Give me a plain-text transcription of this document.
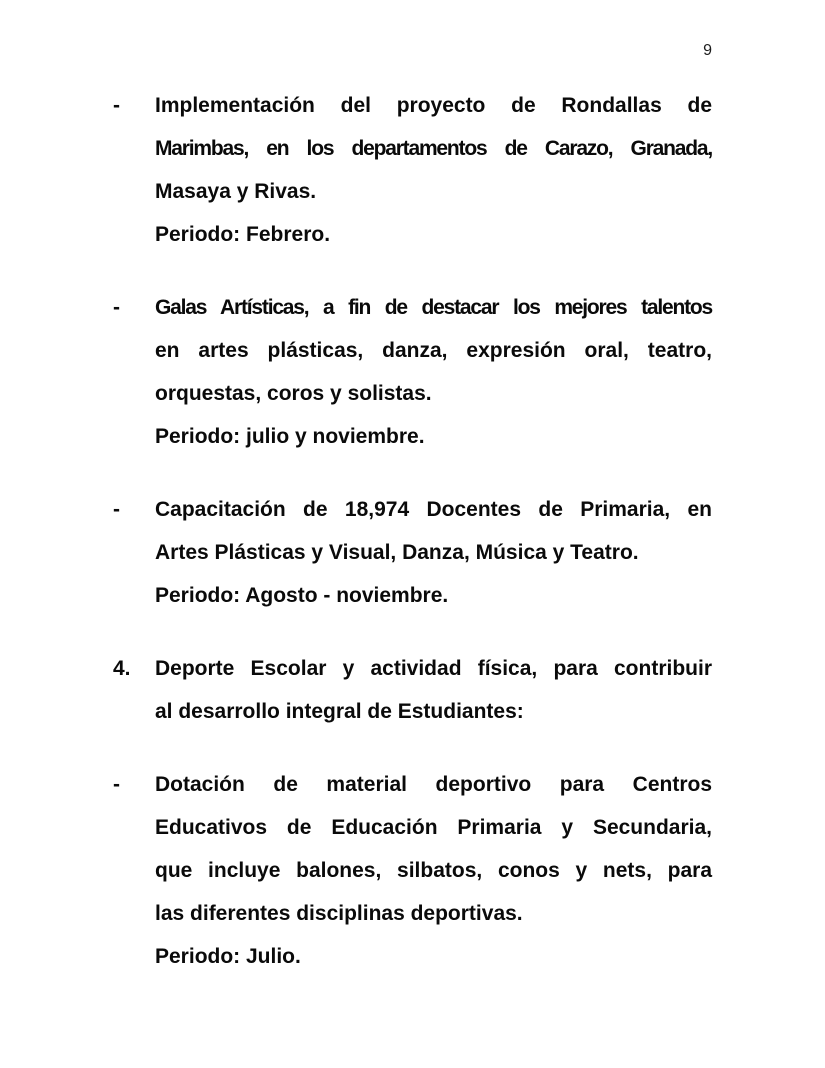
9
-	Implementación del proyecto de Rondallas de
Marimbas, en los departamentos de Carazo, Granada,
Masaya y Rivas.
Periodo: Febrero.
-	Galas Artísticas, a fin de destacar los mejores talentos
en artes plásticas, danza, expresión oral, teatro,
orquestas, coros y solistas.
Periodo: julio y noviembre.
-	Capacitación de 18,974 Docentes de Primaria, en
Artes Plásticas y Visual, Danza, Música y Teatro.
Periodo: Agosto - noviembre.
4.	Deporte Escolar y actividad física, para contribuir
al desarrollo integral de Estudiantes:
-	Dotación de material deportivo para Centros
Educativos de Educación Primaria y Secundaria,
que incluye balones, silbatos, conos y nets, para
las diferentes disciplinas deportivas.
Periodo: Julio.
